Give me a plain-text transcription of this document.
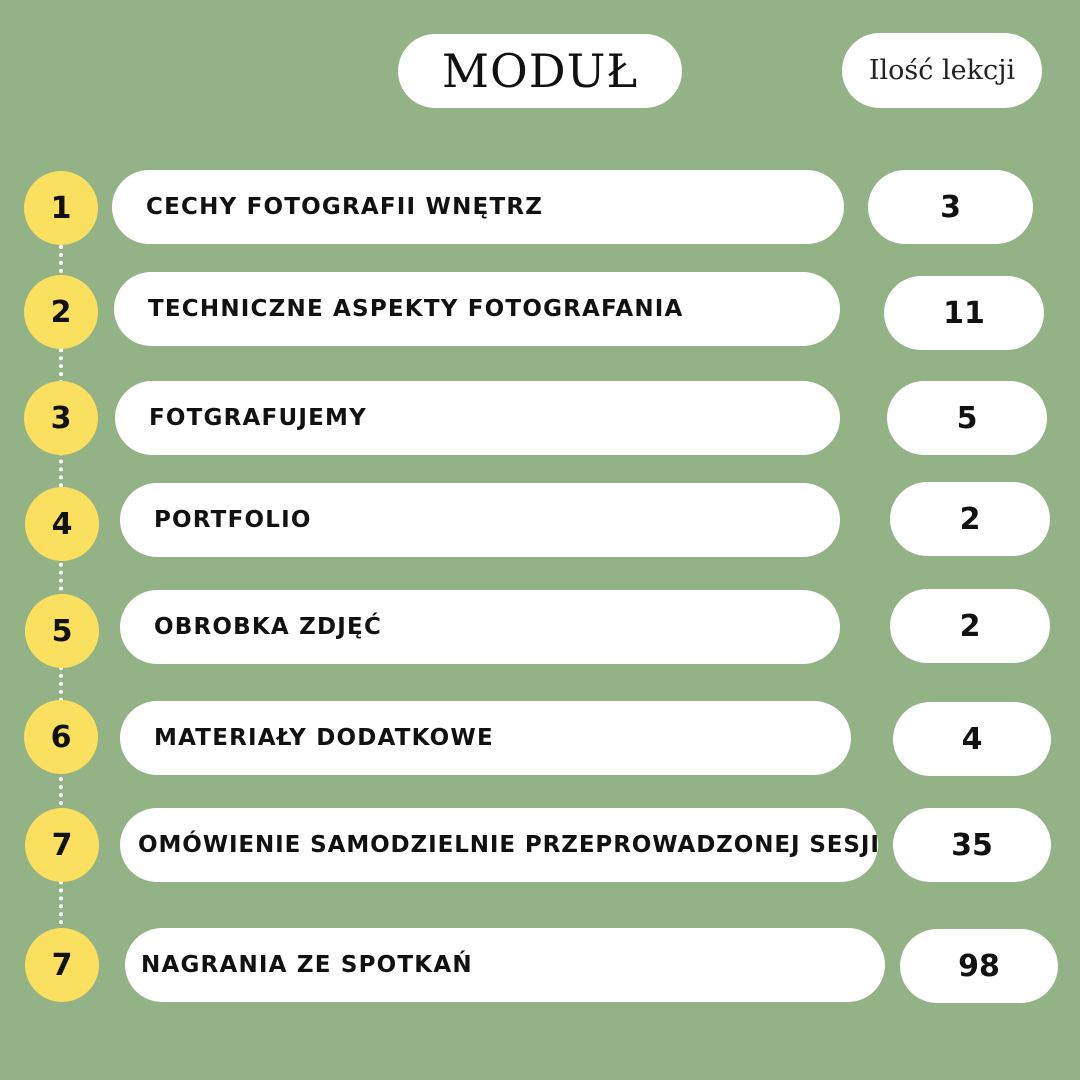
MODUŁ	Ilość lekcji
1	CECHY FOTOGRAFII WNĘTRZ	3
2	TECHNICZNE ASPEKTY FOTOGRAFANIA	11
3	FOTGRAFUJEMY	5
4	PORTFOLIO	2
5	OBROBKA ZDJĘĆ	2
6	MATERIAŁY DODATKOWE	4
7	OMÓWIENIE SAMODZIELNIE PRZEPROWADZONEJ SESJI	35
7	NAGRANIA ZE SPOTKAŃ	98
